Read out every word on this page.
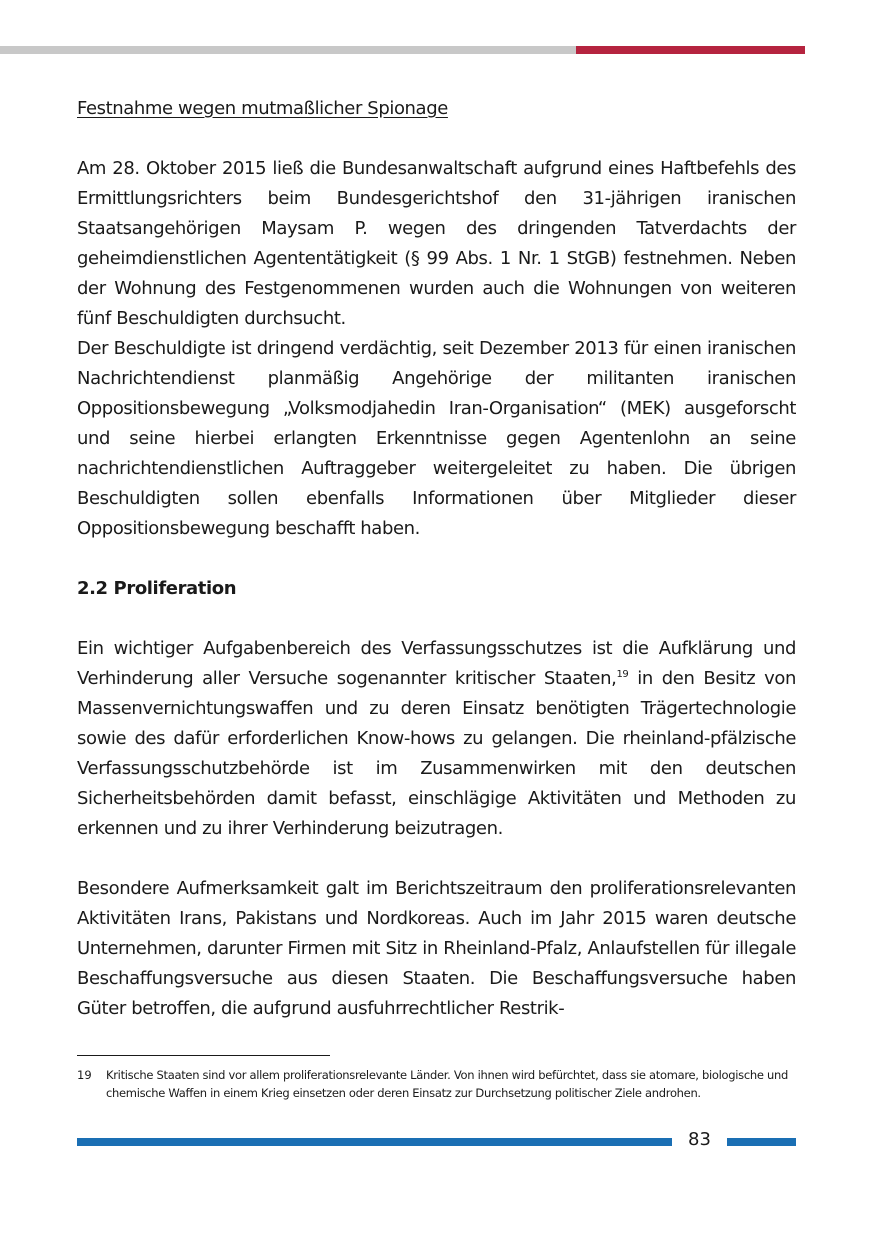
Festnahme wegen mutmaßlicher Spionage

Am 28. Oktober 2015 ließ die Bundesanwaltschaft aufgrund eines Haftbefehls des Ermittlungsrichters beim Bundesgerichtshof den 31-jährigen iranischen Staatsangehörigen Maysam P. wegen des dringenden Tatverdachts der geheimdienstlichen Agententätigkeit (§ 99 Abs. 1 Nr. 1 StGB) festnehmen. Neben der Wohnung des Festgenommenen wurden auch die Wohnungen von weiteren fünf Beschuldigten durchsucht.

Der Beschuldigte ist dringend verdächtig, seit Dezember 2013 für einen iranischen Nachrichtendienst planmäßig Angehörige der militanten iranischen Oppositionsbewegung „Volksmodjahedin Iran-Organisation“ (MEK) ausgeforscht und seine hierbei erlangten Erkenntnisse gegen Agentenlohn an seine nachrichtendienstlichen Auftraggeber weitergeleitet zu haben. Die übrigen Beschuldigten sollen ebenfalls Informationen über Mitglieder dieser Oppositionsbewegung beschafft haben.

2.2 Proliferation

Ein wichtiger Aufgabenbereich des Verfassungsschutzes ist die Aufklärung und Verhinderung aller Versuche sogenannter kritischer Staaten,$^{19}$ in den Besitz von Massenvernichtungswaffen und zu deren Einsatz benötigten Trägertechnologie sowie des dafür erforderlichen Know-hows zu gelangen. Die rheinland-pfälzische Verfassungsschutzbehörde ist im Zusammenwirken mit den deutschen Sicherheitsbehörden damit befasst, einschlägige Aktivitäten und Methoden zu erkennen und zu ihrer Verhinderung beizutragen.

Besondere Aufmerksamkeit galt im Berichtszeitraum den proliferationsrelevanten Aktivitäten Irans, Pakistans und Nordkoreas. Auch im Jahr 2015 waren deutsche Unternehmen, darunter Firmen mit Sitz in Rheinland-Pfalz, Anlaufstellen für illegale Beschaffungsversuche aus diesen Staaten. Die Beschaffungsversuche haben Güter betroffen, die aufgrund ausfuhrrechtlicher Restrik-

19 Kritische Staaten sind vor allem proliferationsrelevante Länder. Von ihnen wird befürchtet, dass sie atomare, biologische und chemische Waffen in einem Krieg einsetzen oder deren Einsatz zur Durchsetzung politischer Ziele androhen.
83
